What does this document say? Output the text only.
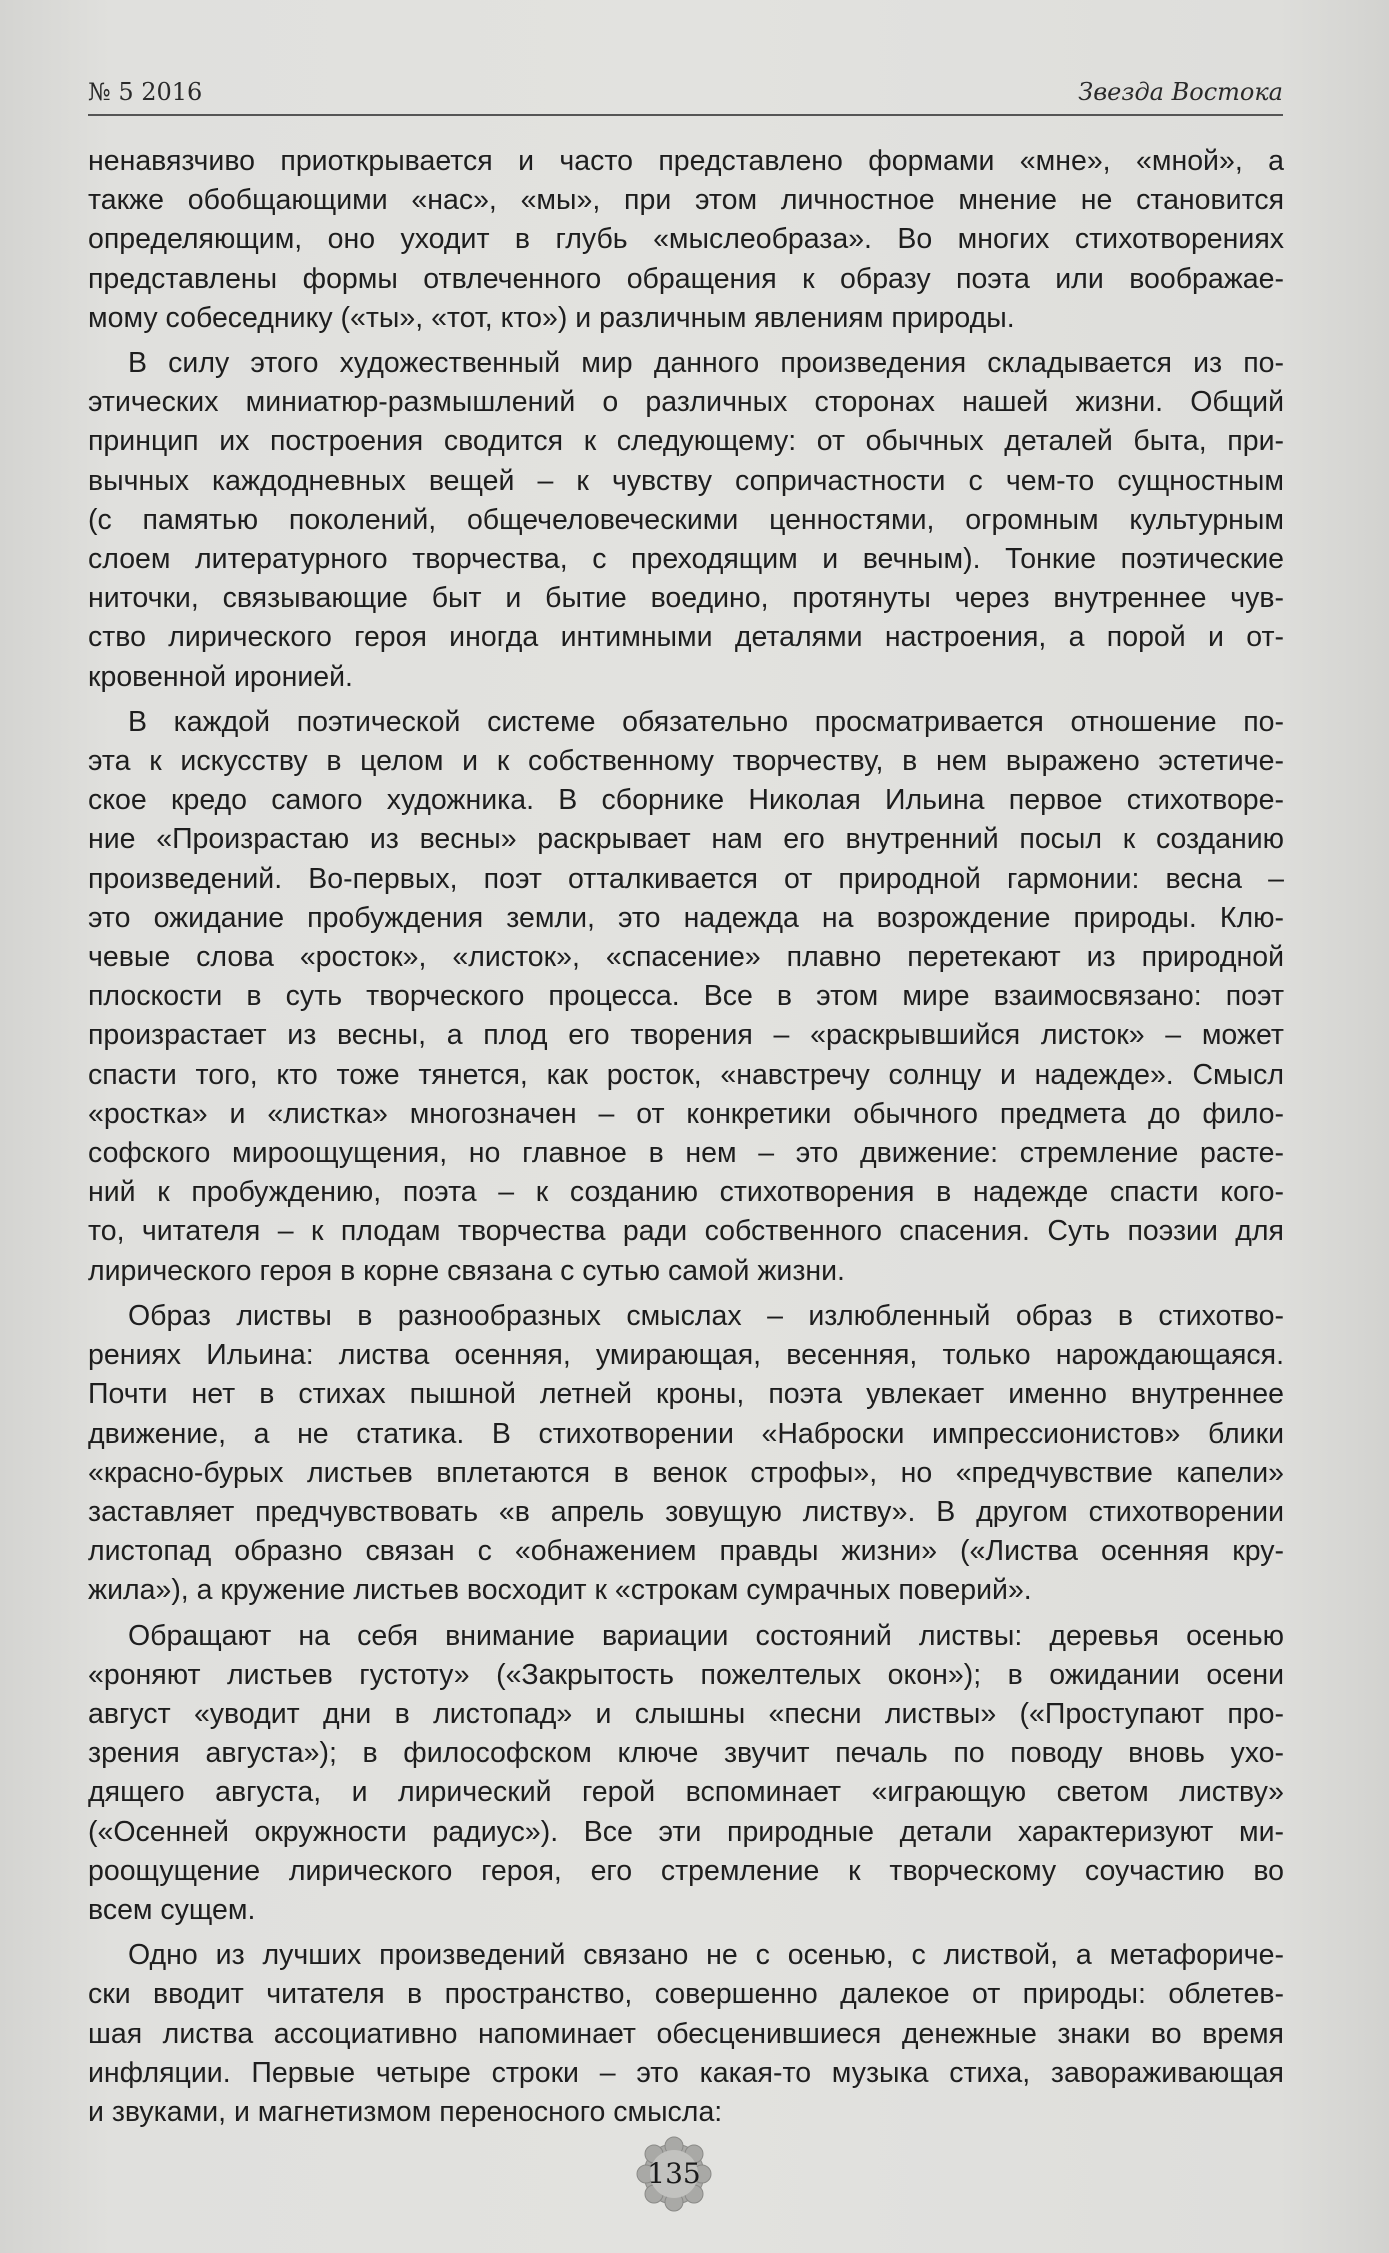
№ 5 2016	Звезда Востока
ненавязчиво приоткрывается и часто представлено формами «мне», «мной», а
также обобщающими «нас», «мы», при этом личностное мнение не становится
определяющим, оно уходит в глубь «мыслеобраза». Во многих стихотворениях
представлены формы отвлеченного обращения к образу поэта или воображае-
мому собеседнику («ты», «тот, кто») и различным явлениям природы.
В силу этого художественный мир данного произведения складывается из по-
этических миниатюр-размышлений о различных сторонах нашей жизни. Общий
принцип их построения сводится к следующему: от обычных деталей быта, при-
вычных каждодневных вещей – к чувству сопричастности с чем-то сущностным
(с памятью поколений, общечеловеческими ценностями, огромным культурным
слоем литературного творчества, с преходящим и вечным). Тонкие поэтические
ниточки, связывающие быт и бытие воедино, протянуты через внутреннее чув-
ство лирического героя иногда интимными деталями настроения, а порой и от-
кровенной иронией.
В каждой поэтической системе обязательно просматривается отношение по-
эта к искусству в целом и к собственному творчеству, в нем выражено эстетиче-
ское кредо самого художника. В сборнике Николая Ильина первое стихотворе-
ние «Произрастаю из весны» раскрывает нам его внутренний посыл к созданию
произведений. Во-первых, поэт отталкивается от природной гармонии: весна –
это ожидание пробуждения земли, это надежда на возрождение природы. Клю-
чевые слова «росток», «листок», «спасение» плавно перетекают из природной
плоскости в суть творческого процесса. Все в этом мире взаимосвязано: поэт
произрастает из весны, а плод его творения – «раскрывшийся листок» – может
спасти того, кто тоже тянется, как росток, «навстречу солнцу и надежде». Смысл
«ростка» и «листка» многозначен – от конкретики обычного предмета до фило-
софского мироощущения, но главное в нем – это движение: стремление расте-
ний к пробуждению, поэта – к созданию стихотворения в надежде спасти кого-
то, читателя – к плодам творчества ради собственного спасения. Суть поэзии для
лирического героя в корне связана с сутью самой жизни.
Образ листвы в разнообразных смыслах – излюбленный образ в стихотво-
рениях Ильина: листва осенняя, умирающая, весенняя, только нарождающаяся.
Почти нет в стихах пышной летней кроны, поэта увлекает именно внутреннее
движение, а не статика. В стихотворении «Наброски импрессионистов» блики
«красно-бурых листьев вплетаются в венок строфы», но «предчувствие капели»
заставляет предчувствовать «в апрель зовущую листву». В другом стихотворении
листопад образно связан с «обнажением правды жизни» («Листва осенняя кру-
жила»), а кружение листьев восходит к «строкам сумрачных поверий».
Обращают на себя внимание вариации состояний листвы: деревья осенью
«роняют листьев густоту» («Закрытость пожелтелых окон»); в ожидании осени
август «уводит дни в листопад» и слышны «песни листвы» («Проступают про-
зрения августа»); в философском ключе звучит печаль по поводу вновь ухо-
дящего августа, и лирический герой вспоминает «играющую светом листву»
(«Осенней окружности радиус»). Все эти природные детали характеризуют ми-
роощущение лирического героя, его стремление к творческому соучастию во
всем сущем.
Одно из лучших произведений связано не с осенью, с листвой, а метафориче-
ски вводит читателя в пространство, совершенно далекое от природы: облетев-
шая листва ассоциативно напоминает обесценившиеся денежные знаки во время
инфляции. Первые четыре строки – это какая-то музыка стиха, завораживающая
и звуками, и магнетизмом переносного смысла:
135
